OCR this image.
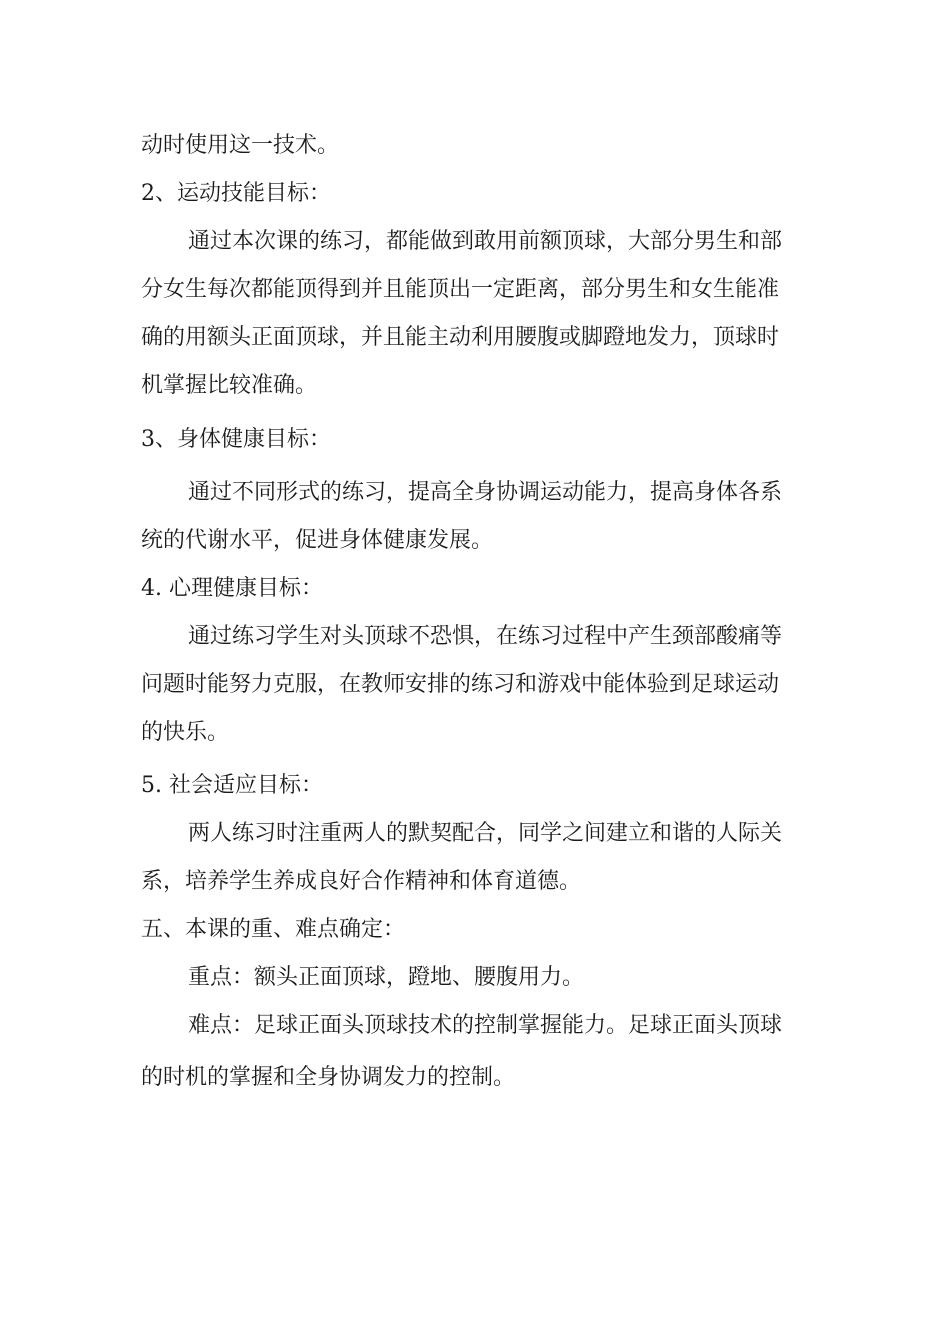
动时使用这一技术。
2、运动技能目标：
通过本次课的练习，都能做到敢用前额顶球，大部分男生和部
分女生每次都能顶得到并且能顶出一定距离，部分男生和女生能准
确的用额头正面顶球，并且能主动利用腰腹或脚蹬地发力，顶球时
机掌握比较准确。
3、身体健康目标：
通过不同形式的练习，提高全身协调运动能力，提高身体各系
统的代谢水平，促进身体健康发展。
4. 心理健康目标：
通过练习学生对头顶球不恐惧，在练习过程中产生颈部酸痛等
问题时能努力克服，在教师安排的练习和游戏中能体验到足球运动
的快乐。
5. 社会适应目标：
两人练习时注重两人的默契配合，同学之间建立和谐的人际关
系，培养学生养成良好合作精神和体育道德。
五、本课的重、难点确定：
重点：额头正面顶球，蹬地、腰腹用力。
难点：足球正面头顶球技术的控制掌握能力。足球正面头顶球
的时机的掌握和全身协调发力的控制。
